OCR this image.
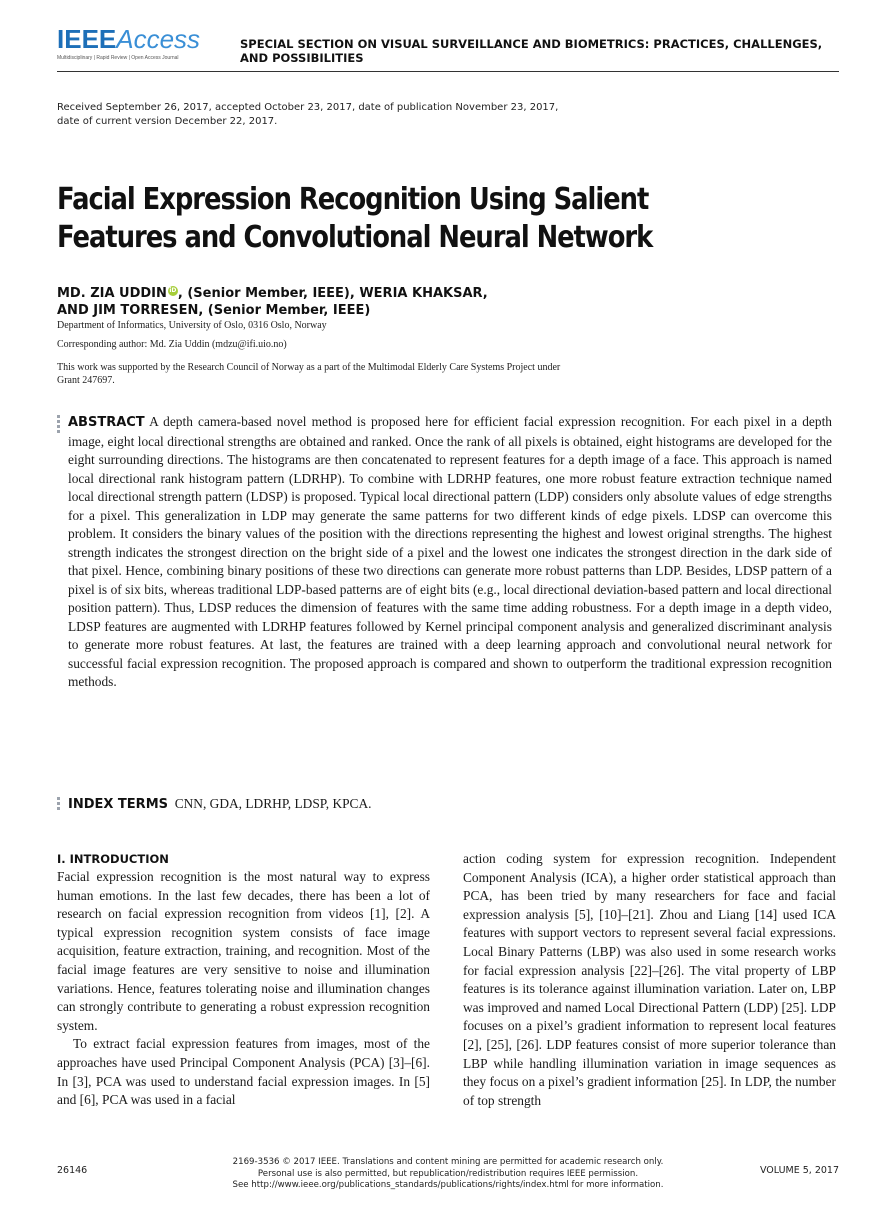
IEEEAccess
Multidisciplinary | Rapid Review | Open Access Journal
SPECIAL SECTION ON VISUAL SURVEILLANCE AND BIOMETRICS: PRACTICES, CHALLENGES, AND POSSIBILITIES
Received September 26, 2017, accepted October 23, 2017, date of publication November 23, 2017,
date of current version December 22, 2017.
Facial Expression Recognition Using Salient
Features and Convolutional Neural Network
MD. ZIA UDDIN iD, (Senior Member, IEEE), WERIA KHAKSAR,
AND JIM TORRESEN, (Senior Member, IEEE)
Department of Informatics, University of Oslo, 0316 Oslo, Norway
Corresponding author: Md. Zia Uddin (mdzu@ifi.uio.no)
This work was supported by the Research Council of Norway as a part of the Multimodal Elderly Care Systems Project under
Grant 247697.
ABSTRACT A depth camera-based novel method is proposed here for efficient facial expression recognition. For each pixel in a depth image, eight local directional strengths are obtained and ranked. Once the rank of all pixels is obtained, eight histograms are developed for the eight surrounding directions. The histograms are then concatenated to represent features for a depth image of a face. This approach is named local directional rank histogram pattern (LDRHP). To combine with LDRHP features, one more robust feature extraction technique named local directional strength pattern (LDSP) is proposed. Typical local directional pattern (LDP) considers only absolute values of edge strengths for a pixel. This generalization in LDP may generate the same patterns for two different kinds of edge pixels. LDSP can overcome this problem. It considers the binary values of the position with the directions representing the highest and lowest original strengths. The highest strength indicates the strongest direction on the bright side of a pixel and the lowest one indicates the strongest direction in the dark side of that pixel. Hence, combining binary positions of these two directions can generate more robust patterns than LDP. Besides, LDSP pattern of a pixel is of six bits, whereas traditional LDP-based patterns are of eight bits (e.g., local directional deviation-based pattern and local directional position pattern). Thus, LDSP reduces the dimension of features with the same time adding robustness. For a depth image in a depth video, LDSP features are augmented with LDRHP features followed by Kernel principal component analysis and generalized discriminant analysis to generate more robust features. At last, the features are trained with a deep learning approach and convolutional neural network for successful facial expression recognition. The proposed approach is compared and shown to outperform the traditional expression recognition methods.
INDEX TERMS CNN, GDA, LDRHP, LDSP, KPCA.
I. INTRODUCTION

Facial expression recognition is the most natural way to express human emotions. In the last few decades, there has been a lot of research on facial expression recognition from videos [1], [2]. A typical expression recognition system consists of face image acquisition, feature extraction, training, and recognition. Most of the facial image features are very sensitive to noise and illumination variations. Hence, features tolerating noise and illumination changes can strongly contribute to generating a robust expression recognition system.

To extract facial expression features from images, most of the approaches have used Principal Component Analysis (PCA) [3]–[6]. In [3], PCA was used to understand facial expression images. In [5] and [6], PCA was used in a facial

action coding system for expression recognition. Independent Component Analysis (ICA), a higher order statistical approach than PCA, has been tried by many researchers for face and facial expression analysis [5], [10]–[21]. Zhou and Liang [14] used ICA features with support vectors to represent several facial expressions. Local Binary Patterns (LBP) was also used in some research works for facial expression analysis [22]–[26]. The vital property of LBP features is its tolerance against illumination variation. Later on, LBP was improved and named Local Directional Pattern (LDP) [25]. LDP focuses on a pixel’s gradient information to represent local features [2], [25], [26]. LDP features consist of more superior tolerance than LBP while handling illumination variation in image sequences as they focus on a pixel’s gradient information [25]. In LDP, the number of top strength

26146
2169-3536 © 2017 IEEE. Translations and content mining are permitted for academic research only.
Personal use is also permitted, but republication/redistribution requires IEEE permission.
See http://www.ieee.org/publications_standards/publications/rights/index.html for more information.
VOLUME 5, 2017
